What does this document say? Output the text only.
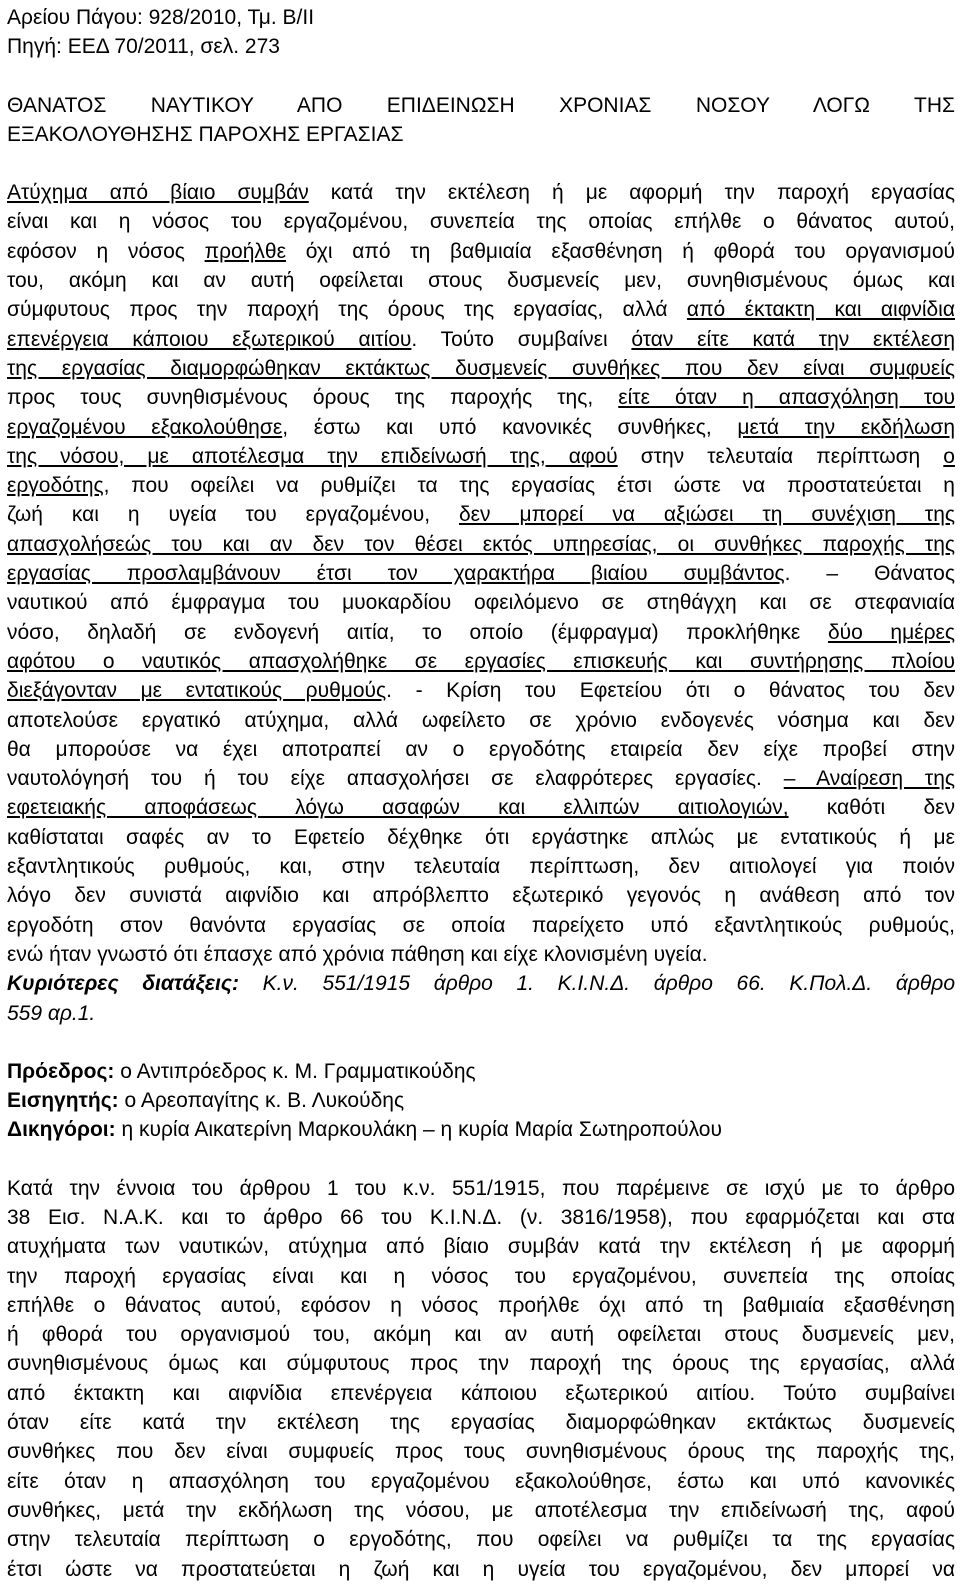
Αρείου Πάγου: 928/2010, Τμ. Β/ΙΙ
Πηγή: ΕΕΔ 70/2011, σελ. 273
ΘΑΝΑΤΟΣ ΝΑΥΤΙΚΟΥ ΑΠΟ ΕΠΙΔΕΙΝΩΣΗ ΧΡΟΝΙΑΣ ΝΟΣΟΥ ΛΟΓΩ ΤΗΣ
ΕΞΑΚΟΛΟΥΘΗΣΗΣ ΠΑΡΟΧΗΣ ΕΡΓΑΣΙΑΣ
Ατύχημα από βίαιο συμβάν κατά την εκτέλεση ή με αφορμή την παροχή εργασίας
είναι και η νόσος του εργαζομένου, συνεπεία της οποίας επήλθε ο θάνατος αυτού,
εφόσον η νόσος προήλθε όχι από τη βαθμιαία εξασθένηση ή φθορά του οργανισμού
του, ακόμη και αν αυτή οφείλεται στους δυσμενείς μεν, συνηθισμένους όμως και
σύμφυτους προς την παροχή της όρους της εργασίας, αλλά από έκτακτη και αιφνίδια
επενέργεια κάποιου εξωτερικού αιτίου. Τούτο συμβαίνει όταν είτε κατά την εκτέλεση
της εργασίας διαμορφώθηκαν εκτάκτως δυσμενείς συνθήκες που δεν είναι συμφυείς
προς τους συνηθισμένους όρους της παροχής της, είτε όταν η απασχόληση του
εργαζομένου εξακολούθησε, έστω και υπό κανονικές συνθήκες, μετά την εκδήλωση
της νόσου, με αποτέλεσμα την επιδείνωσή της, αφού στην τελευταία περίπτωση ο
εργοδότης, που οφείλει να ρυθμίζει τα της εργασίας έτσι ώστε να προστατεύεται η
ζωή και η υγεία του εργαζομένου, δεν μπορεί να αξιώσει τη συνέχιση της
απασχολήσεώς του και αν δεν τον θέσει εκτός υπηρεσίας, οι συνθήκες παροχής της
εργασίας προσλαμβάνουν έτσι τον χαρακτήρα βιαίου συμβάντος. – Θάνατος
ναυτικού από έμφραγμα του μυοκαρδίου οφειλόμενο σε στηθάγχη και σε στεφανιαία
νόσο, δηλαδή σε ενδογενή αιτία, το οποίο (έμφραγμα) προκλήθηκε δύο ημέρες
αφότου ο ναυτικός απασχολήθηκε σε εργασίες επισκευής και συντήρησης πλοίου
διεξάγονταν με εντατικούς ρυθμούς. - Κρίση του Εφετείου ότι ο θάνατος του δεν
αποτελούσε εργατικό ατύχημα, αλλά ωφείλετο σε χρόνιο ενδογενές νόσημα και δεν
θα μπορούσε να έχει αποτραπεί αν ο εργοδότης εταιρεία δεν είχε προβεί στην
ναυτολόγησή του ή του είχε απασχολήσει σε ελαφρότερες εργασίες. – Αναίρεση της
εφετειακής αποφάσεως λόγω ασαφών και ελλιπών αιτιολογιών, καθότι δεν
καθίσταται σαφές αν το Εφετείο δέχθηκε ότι εργάστηκε απλώς με εντατικούς ή με
εξαντλητικούς ρυθμούς, και, στην τελευταία περίπτωση, δεν αιτιολογεί για ποιόν
λόγο δεν συνιστά αιφνίδιο και απρόβλεπτο εξωτερικό γεγονός η ανάθεση από τον
εργοδότη στον θανόντα εργασίας σε οποία παρείχετο υπό εξαντλητικούς ρυθμούς,
ενώ ήταν γνωστό ότι έπασχε από χρόνια πάθηση και είχε κλονισμένη υγεία.
Κυριότερες διατάξεις: Κ.ν. 551/1915 άρθρο 1. Κ.Ι.Ν.Δ. άρθρο 66. Κ.Πολ.Δ. άρθρο
559 αρ.1.
Πρόεδρος: ο Αντιπρόεδρος κ. Μ. Γραμματικούδης
Εισηγητής: ο Αρεοπαγίτης κ. Β. Λυκούδης
Δικηγόροι: η κυρία Αικατερίνη Μαρκουλάκη – η κυρία Μαρία Σωτηροπούλου
Κατά την έννοια του άρθρου 1 του κ.ν. 551/1915, που παρέμεινε σε ισχύ με το άρθρο
38 Εισ. Ν.Α.Κ. και το άρθρο 66 του Κ.Ι.Ν.Δ. (ν. 3816/1958), που εφαρμόζεται και στα
ατυχήματα των ναυτικών, ατύχημα από βίαιο συμβάν κατά την εκτέλεση ή με αφορμή
την παροχή εργασίας είναι και η νόσος του εργαζομένου, συνεπεία της οποίας
επήλθε ο θάνατος αυτού, εφόσον η νόσος προήλθε όχι από τη βαθμιαία εξασθένηση
ή φθορά του οργανισμού του, ακόμη και αν αυτή οφείλεται στους δυσμενείς μεν,
συνηθισμένους όμως και σύμφυτους προς την παροχή της όρους της εργασίας, αλλά
από έκτακτη και αιφνίδια επενέργεια κάποιου εξωτερικού αιτίου. Τούτο συμβαίνει
όταν είτε κατά την εκτέλεση της εργασίας διαμορφώθηκαν εκτάκτως δυσμενείς
συνθήκες που δεν είναι συμφυείς προς τους συνηθισμένους όρους της παροχής της,
είτε όταν η απασχόληση του εργαζομένου εξακολούθησε, έστω και υπό κανονικές
συνθήκες, μετά την εκδήλωση της νόσου, με αποτέλεσμα την επιδείνωσή της, αφού
στην τελευταία περίπτωση ο εργοδότης, που οφείλει να ρυθμίζει τα της εργασίας
έτσι ώστε να προστατεύεται η ζωή και η υγεία του εργαζομένου, δεν μπορεί να
